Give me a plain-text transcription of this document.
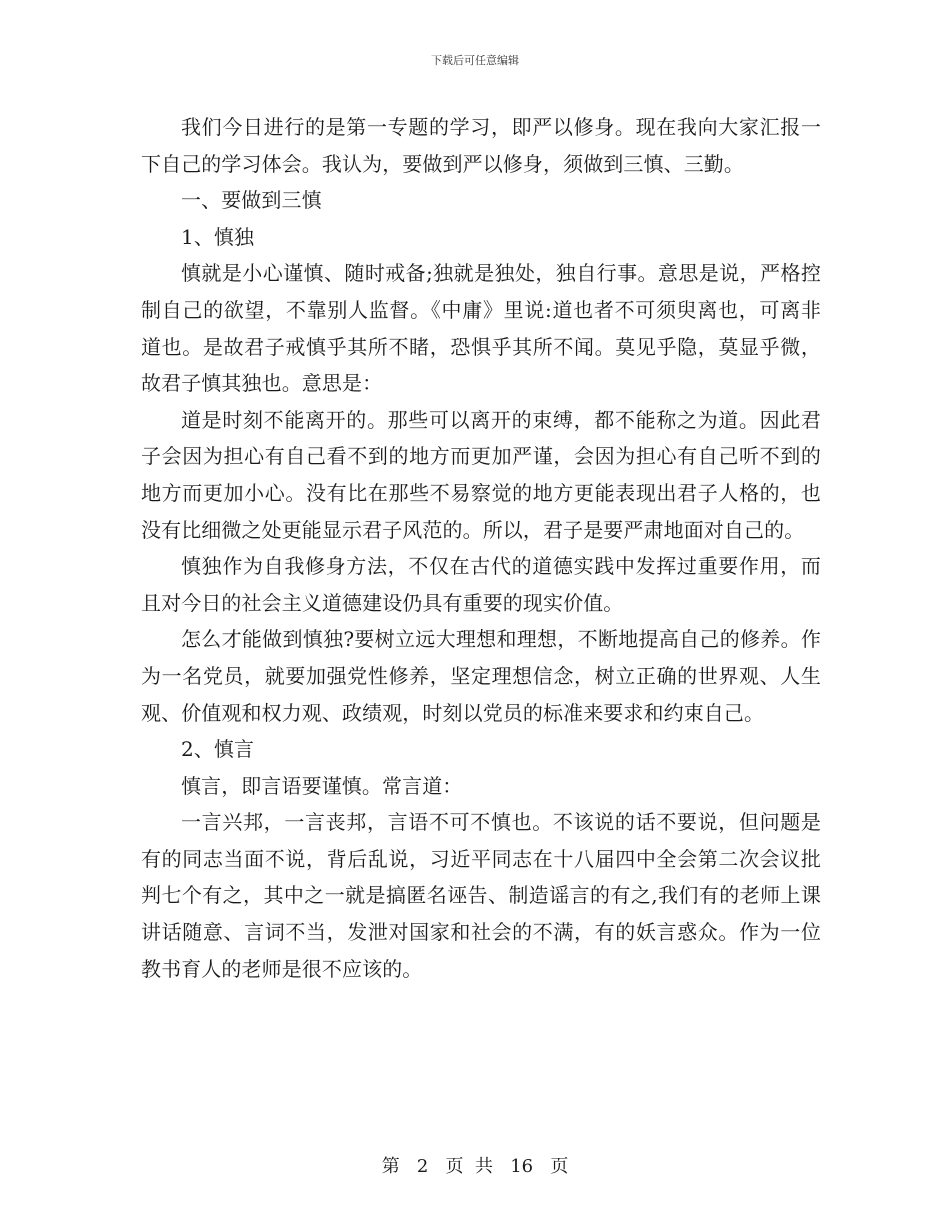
下载后可任意编辑

我们今日进行的是第一专题的学习，即严以修身。现在我向大家汇报一下自己的学习体会。我认为，要做到严以修身，须做到三慎、三勤。

一、要做到三慎

1、慎独

慎就是小心谨慎、随时戒备;独就是独处，独自行事。意思是说，严格控制自己的欲望，不靠别人监督。《中庸》里说:道也者不可须臾离也，可离非道也。是故君子戒慎乎其所不睹，恐惧乎其所不闻。莫见乎隐，莫显乎微，故君子慎其独也。意思是：

道是时刻不能离开的。那些可以离开的束缚，都不能称之为道。因此君子会因为担心有自己看不到的地方而更加严谨，会因为担心有自己听不到的地方而更加小心。没有比在那些不易察觉的地方更能表现出君子人格的，也没有比细微之处更能显示君子风范的。所以，君子是要严肃地面对自己的。

慎独作为自我修身方法，不仅在古代的道德实践中发挥过重要作用，而且对今日的社会主义道德建设仍具有重要的现实价值。

怎么才能做到慎独?要树立远大理想和理想，不断地提高自己的修养。作为一名党员，就要加强党性修养，坚定理想信念，树立正确的世界观、人生观、价值观和权力观、政绩观，时刻以党员的标准来要求和约束自己。

2、慎言

慎言，即言语要谨慎。常言道：

一言兴邦，一言丧邦，言语不可不慎也。不该说的话不要说，但问题是有的同志当面不说，背后乱说，习近平同志在十八届四中全会第二次会议批判七个有之，其中之一就是搞匿名诬告、制造谣言的有之,我们有的老师上课讲话随意、言词不当，发泄对国家和社会的不满，有的妖言惑众。作为一位教书育人的老师是很不应该的。

第 2 页  共 16 页
